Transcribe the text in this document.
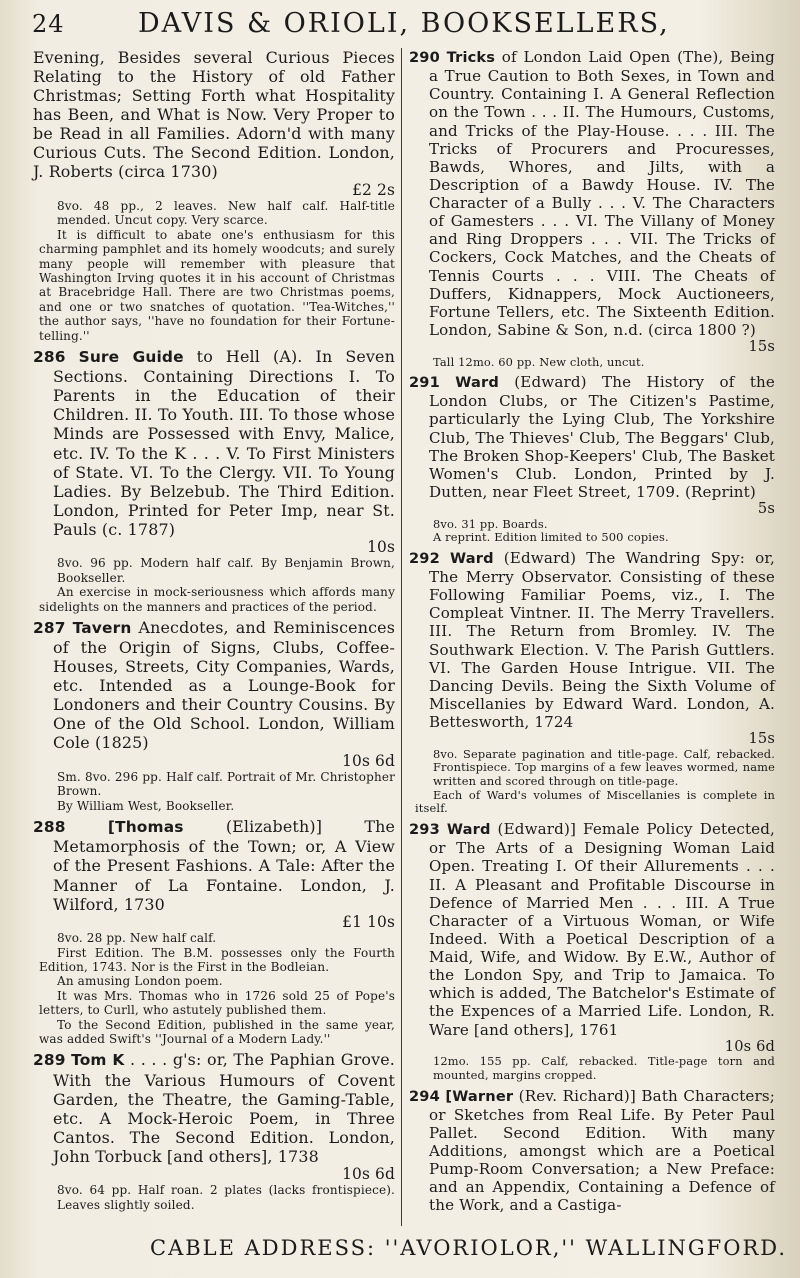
24	DAVIS & ORIOLI, BOOKSELLERS,

Evening, Besides several Curious Pieces Relating to the History of old Father Christmas; Setting Forth what Hospitality has Been, and What is Now. Very Proper to be Read in all Families. Adorn'd with many Curious Cuts. The Second Edition. London, J. Roberts (circa 1730)

£2 2s

8vo. 48 pp., 2 leaves. New half calf. Half-title mended. Uncut copy. Very scarce.

It is difficult to abate one's enthusiasm for this charming pamphlet and its homely woodcuts; and surely many people will remember with pleasure that Washington Irving quotes it in his account of Christmas at Bracebridge Hall. There are two Christmas poems, and one or two snatches of quotation. ''Tea-Witches,'' the author says, ''have no foundation for their Fortune-telling.''

286 Sure Guide to Hell (A). In Seven Sections. Containing Directions I. To Parents in the Education of their Children. II. To Youth. III. To those whose Minds are Possessed with Envy, Malice, etc. IV. To the K . . . V. To First Ministers of State. VI. To the Clergy. VII. To Young Ladies. By Belzebub. The Third Edition. London, Printed for Peter Imp, near St. Pauls (c. 1787)

10s

8vo. 96 pp. Modern half calf. By Benjamin Brown, Bookseller.

An exercise in mock-seriousness which affords many sidelights on the manners and practices of the period.

287 Tavern Anecdotes, and Reminiscences of the Origin of Signs, Clubs, Coffee-Houses, Streets, City Companies, Wards, etc. Intended as a Lounge-Book for Londoners and their Country Cousins. By One of the Old School. London, William Cole (1825)

10s 6d

Sm. 8vo. 296 pp. Half calf. Portrait of Mr. Christopher Brown.

By William West, Bookseller.

288	[Thomas (Elizabeth)] The Metamorphosis of the Town; or, A View of the Present Fashions. A Tale: After the Manner of La Fontaine. London, J. Wilford, 1730

£1 10s

8vo. 28 pp. New half calf.

First Edition. The B.M. possesses only the Fourth Edition, 1743. Nor is the First in the Bodleian.

An amusing London poem.

It was Mrs. Thomas who in 1726 sold 25 of Pope's letters, to Curll, who astutely published them.

To the Second Edition, published in the same year, was added Swift's ''Journal of a Modern Lady.''

289 Tom K . . . . g's: or, The Paphian Grove. With the Various Humours of Covent Garden, the Theatre, the Gaming-Table, etc. A Mock-Heroic Poem, in Three Cantos. The Second Edition. London, John Torbuck [and others], 1738

10s 6d

8vo. 64 pp. Half roan. 2 plates (lacks frontispiece). Leaves slightly soiled.

290 Tricks of London Laid Open (The), Being a True Caution to Both Sexes, in Town and Country. Containing I. A General Reflection on the Town . . . II. The Humours, Customs, and Tricks of the Play-House. . . . III. The Tricks of Procurers and Procuresses, Bawds, Whores, and Jilts, with a Description of a Bawdy House. IV. The Character of a Bully . . . V. The Characters of Gamesters . . . VI. The Villany of Money and Ring Droppers . . . VII. The Tricks of Cockers, Cock Matches, and the Cheats of Tennis Courts . . . VIII. The Cheats of Duffers, Kidnappers, Mock Auctioneers, Fortune Tellers, etc. The Sixteenth Edition. London, Sabine & Son, n.d. (circa 1800 ?)

15s

Tall 12mo. 60 pp. New cloth, uncut.

291 Ward (Edward) The History of the London Clubs, or The Citizen's Pastime, particularly the Lying Club, The Yorkshire Club, The Thieves' Club, The Beggars' Club, The Broken Shop-Keepers' Club, The Basket Women's Club. London, Printed by J. Dutten, near Fleet Street, 1709. (Reprint)

5s

8vo. 31 pp. Boards.

A reprint. Edition limited to 500 copies.

292 Ward (Edward) The Wandring Spy: or, The Merry Observator. Consisting of these Following Familiar Poems, viz., I. The Compleat Vintner. II. The Merry Travellers. III. The Return from Bromley. IV. The Southwark Election. V. The Parish Guttlers. VI. The Garden House Intrigue. VII. The Dancing Devils. Being the Sixth Volume of Miscellanies by Edward Ward. London, A. Bettesworth, 1724

15s

8vo. Separate pagination and title-page. Calf, rebacked. Frontispiece. Top margins of a few leaves wormed, name written and scored through on title-page.

Each of Ward's volumes of Miscellanies is complete in itself.

293 Ward (Edward)] Female Policy Detected, or The Arts of a Designing Woman Laid Open. Treating I. Of their Allurements . . . II. A Pleasant and Profitable Discourse in Defence of Married Men . . . III. A True Character of a Virtuous Woman, or Wife Indeed. With a Poetical Description of a Maid, Wife, and Widow. By E.W., Author of the London Spy, and Trip to Jamaica. To which is added, The Batchelor's Estimate of the Expences of a Married Life. London, R. Ware [and others], 1761

10s 6d

12mo. 155 pp. Calf, rebacked. Title-page torn and mounted, margins cropped.

294 [Warner (Rev. Richard)] Bath Characters; or Sketches from Real Life. By Peter Paul Pallet. Second Edition. With many Additions, amongst which are a Poetical Pump-Room Conversation; a New Preface: and an Appendix, Containing a Defence of the Work, and a Castiga-

CABLE ADDRESS: ''AVORIOLOR,'' WALLINGFORD.
